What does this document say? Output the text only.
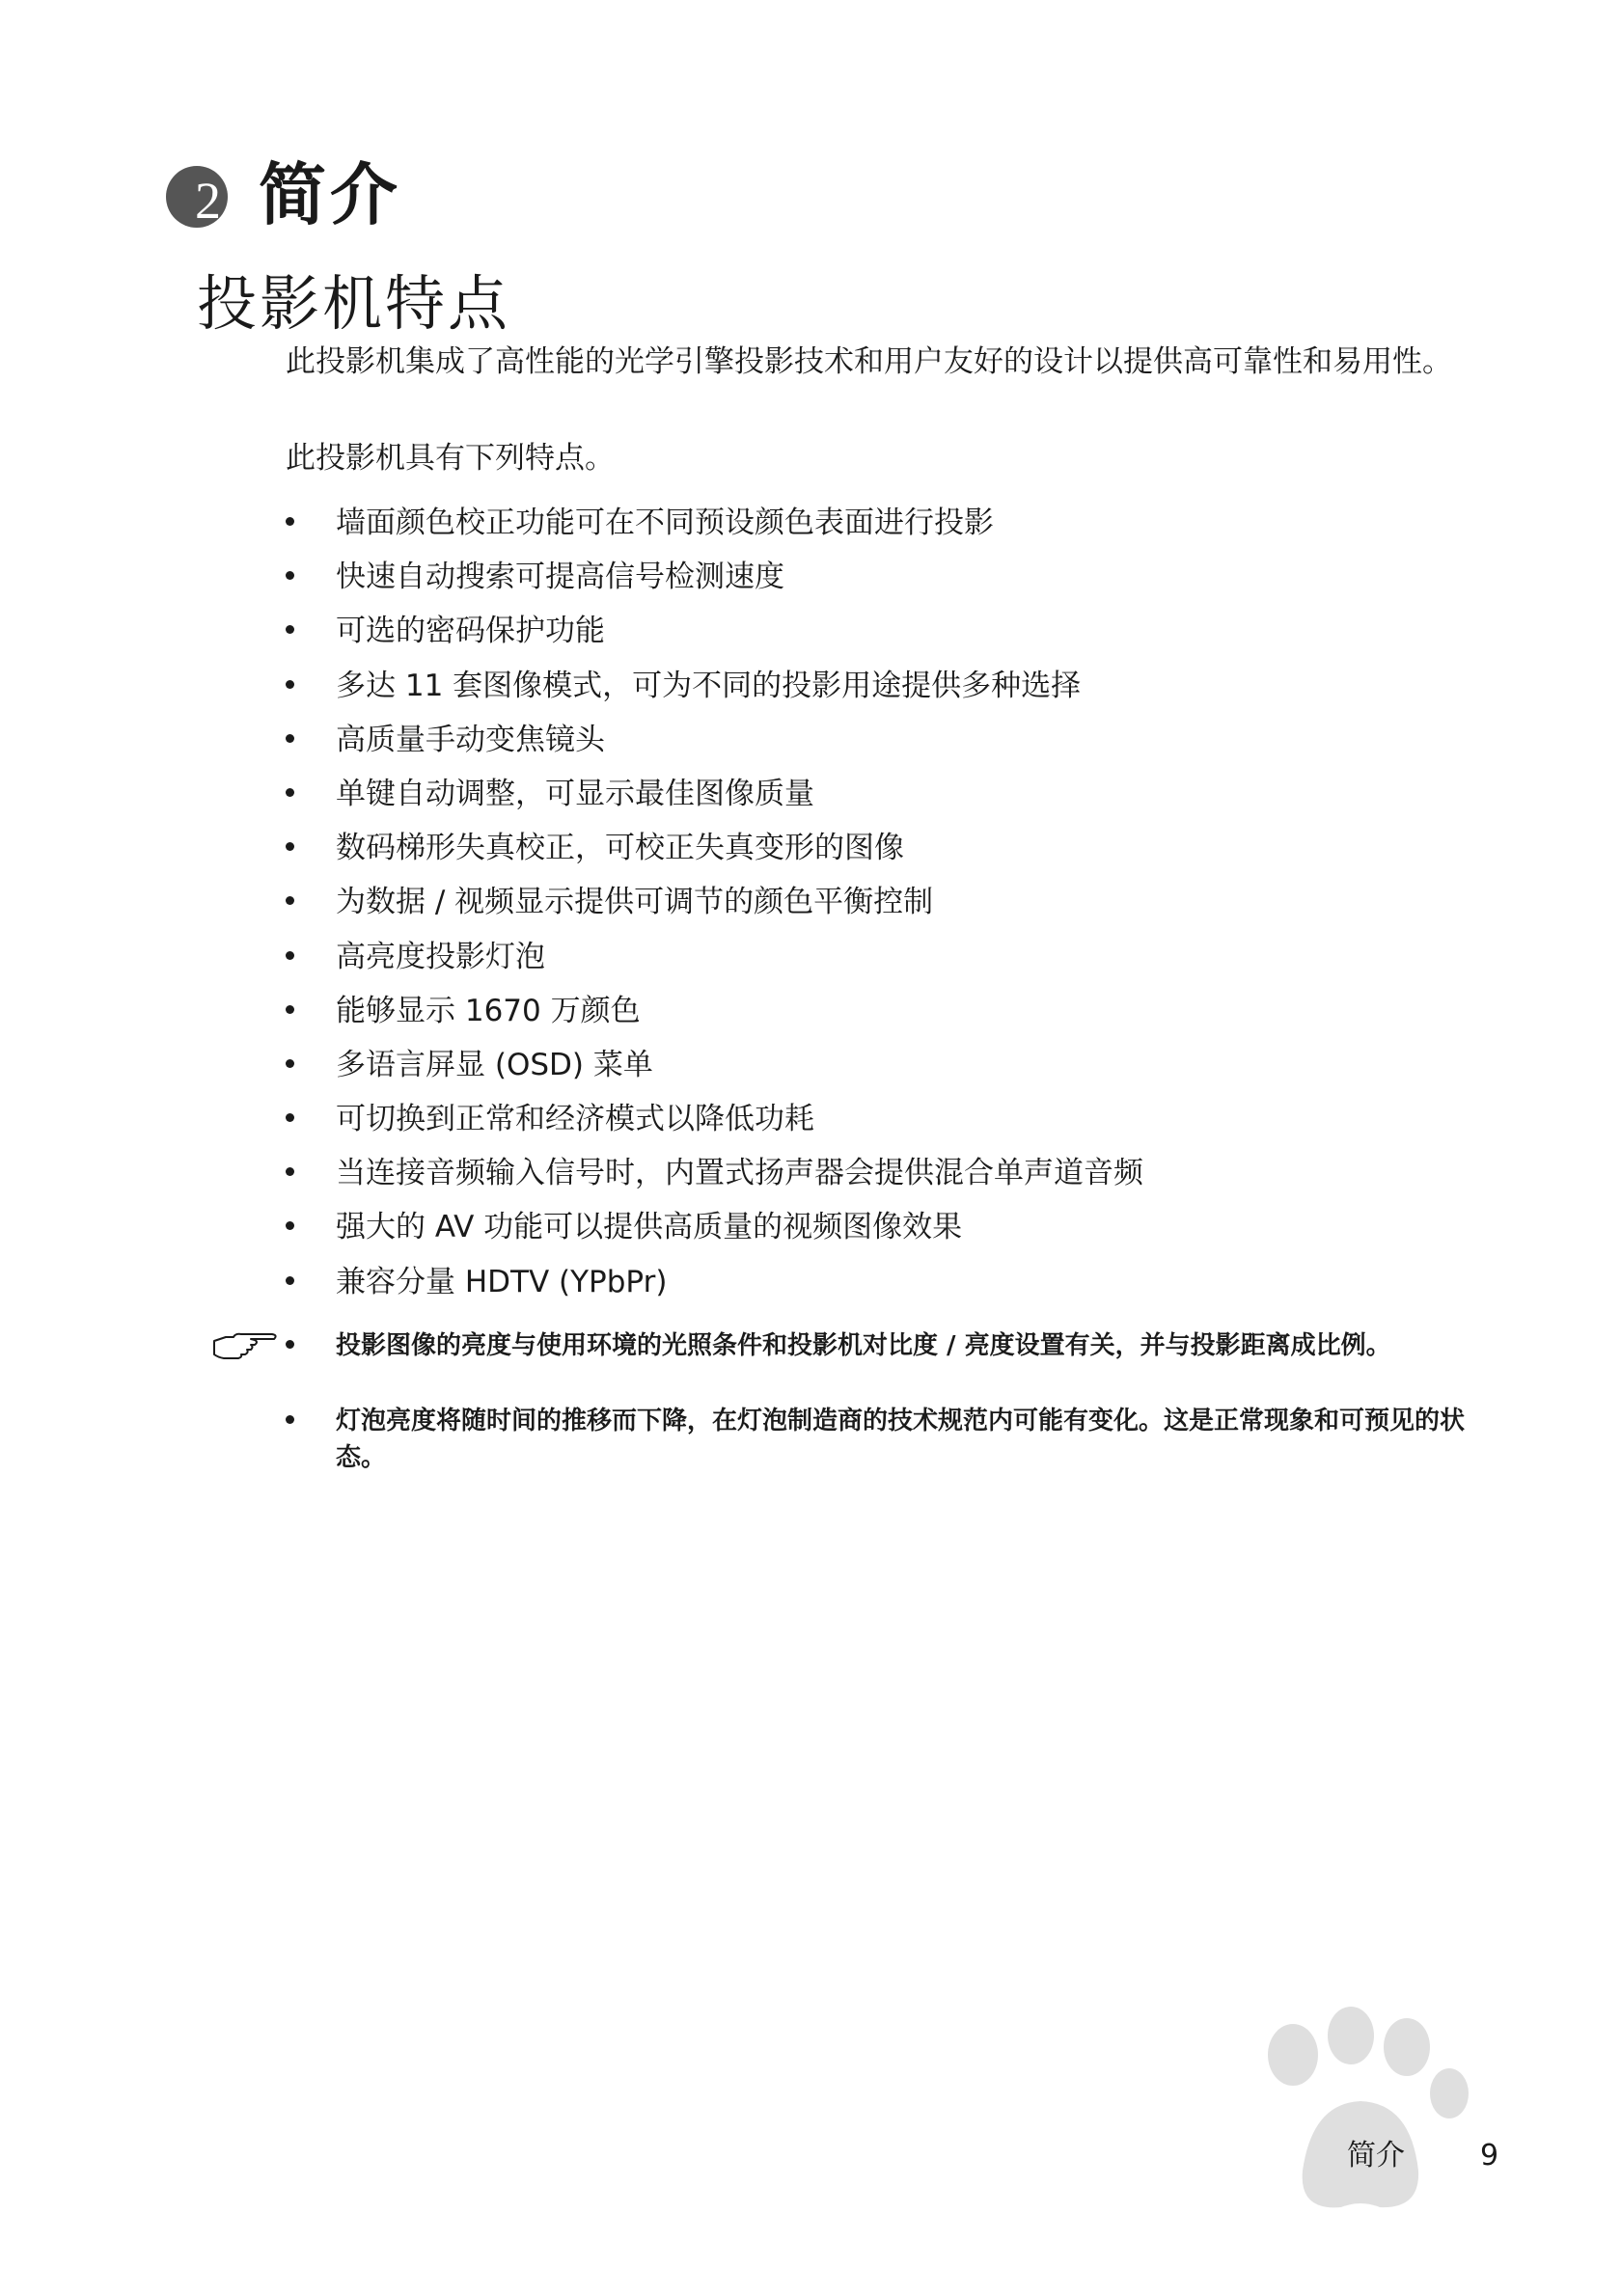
2 简介
投影机特点

此投影机集成了高性能的光学引擎投影技术和用户友好的设计以提供高可靠性和易用性。

此投影机具有下列特点。

墙面颜色校正功能可在不同预设颜色表面进行投影
快速自动搜索可提高信号检测速度
可选的密码保护功能
多达 11 套图像模式，可为不同的投影用途提供多种选择
高质量手动变焦镜头
单键自动调整，可显示最佳图像质量
数码梯形失真校正，可校正失真变形的图像
为数据 / 视频显示提供可调节的颜色平衡控制
高亮度投影灯泡
能够显示 1670 万颜色
多语言屏显 (OSD) 菜单
可切换到正常和经济模式以降低功耗
当连接音频输入信号时，内置式扬声器会提供混合单声道音频
强大的 AV 功能可以提供高质量的视频图像效果
兼容分量 HDTV (YPbPr)
投影图像的亮度与使用环境的光照条件和投影机对比度 / 亮度设置有关，并与投影距离成比例。
灯泡亮度将随时间的推移而下降，在灯泡制造商的技术规范内可能有变化。这是正常现象和可预见的状态。
简介	9
